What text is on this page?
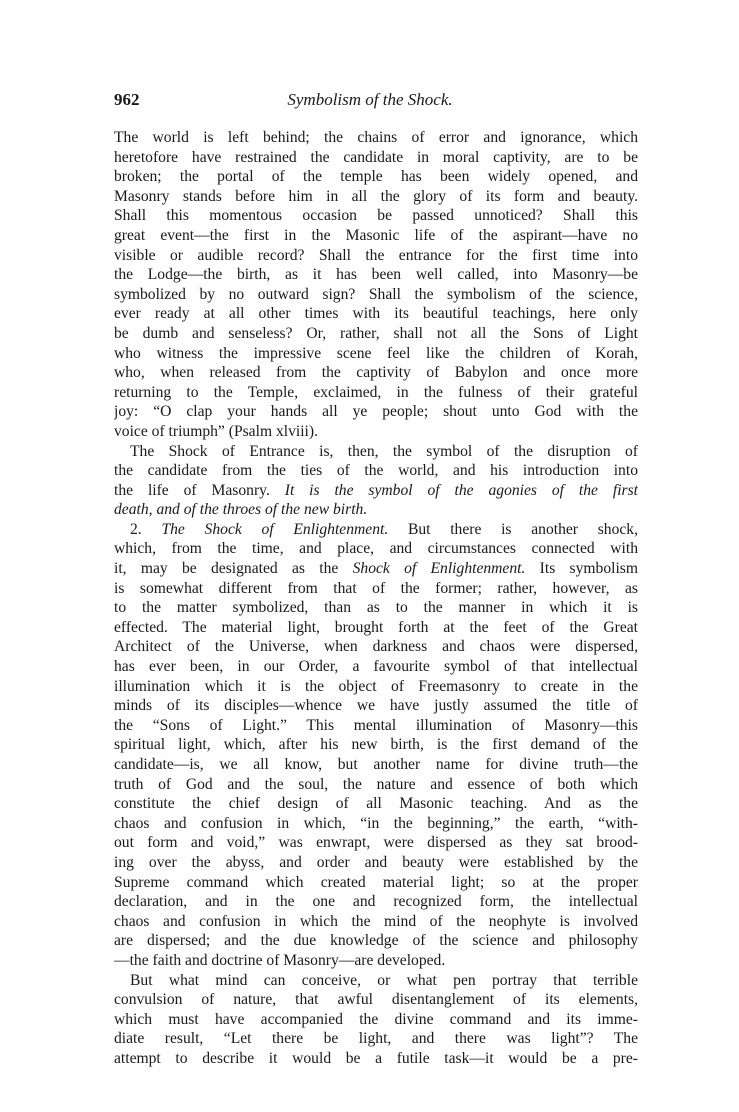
962	Symbolism of the Shock.
The world is left behind; the chains of error and ignorance, which
heretofore have restrained the candidate in moral captivity, are to be
broken; the portal of the temple has been widely opened, and
Masonry stands before him in all the glory of its form and beauty.
Shall this momentous occasion be passed unnoticed? Shall this
great event—the first in the Masonic life of the aspirant—have no
visible or audible record? Shall the entrance for the first time into
the Lodge—the birth, as it has been well called, into Masonry—be
symbolized by no outward sign? Shall the symbolism of the science,
ever ready at all other times with its beautiful teachings, here only
be dumb and senseless? Or, rather, shall not all the Sons of Light
who witness the impressive scene feel like the children of Korah,
who, when released from the captivity of Babylon and once more
returning to the Temple, exclaimed, in the fulness of their grateful
joy: “O clap your hands all ye people; shout unto God with the
voice of triumph” (Psalm xlviii).
The Shock of Entrance is, then, the symbol of the disruption of
the candidate from the ties of the world, and his introduction into
the life of Masonry. It is the symbol of the agonies of the first
death, and of the throes of the new birth.
2. The Shock of Enlightenment. But there is another shock,
which, from the time, and place, and circumstances connected with
it, may be designated as the Shock of Enlightenment. Its symbolism
is somewhat different from that of the former; rather, however, as
to the matter symbolized, than as to the manner in which it is
effected. The material light, brought forth at the feet of the Great
Architect of the Universe, when darkness and chaos were dispersed,
has ever been, in our Order, a favourite symbol of that intellectual
illumination which it is the object of Freemasonry to create in the
minds of its disciples—whence we have justly assumed the title of
the “Sons of Light.” This mental illumination of Masonry—this
spiritual light, which, after his new birth, is the first demand of the
candidate—is, we all know, but another name for divine truth—the
truth of God and the soul, the nature and essence of both which
constitute the chief design of all Masonic teaching. And as the
chaos and confusion in which, “in the beginning,” the earth, “with-
out form and void,” was enwrapt, were dispersed as they sat brood-
ing over the abyss, and order and beauty were established by the
Supreme command which created material light; so at the proper
declaration, and in the one and recognized form, the intellectual
chaos and confusion in which the mind of the neophyte is involved
are dispersed; and the due knowledge of the science and philosophy
—the faith and doctrine of Masonry—are developed.
But what mind can conceive, or what pen portray that terrible
convulsion of nature, that awful disentanglement of its elements,
which must have accompanied the divine command and its imme-
diate result, “Let there be light, and there was light”? The
attempt to describe it would be a futile task—it would be a pre-
